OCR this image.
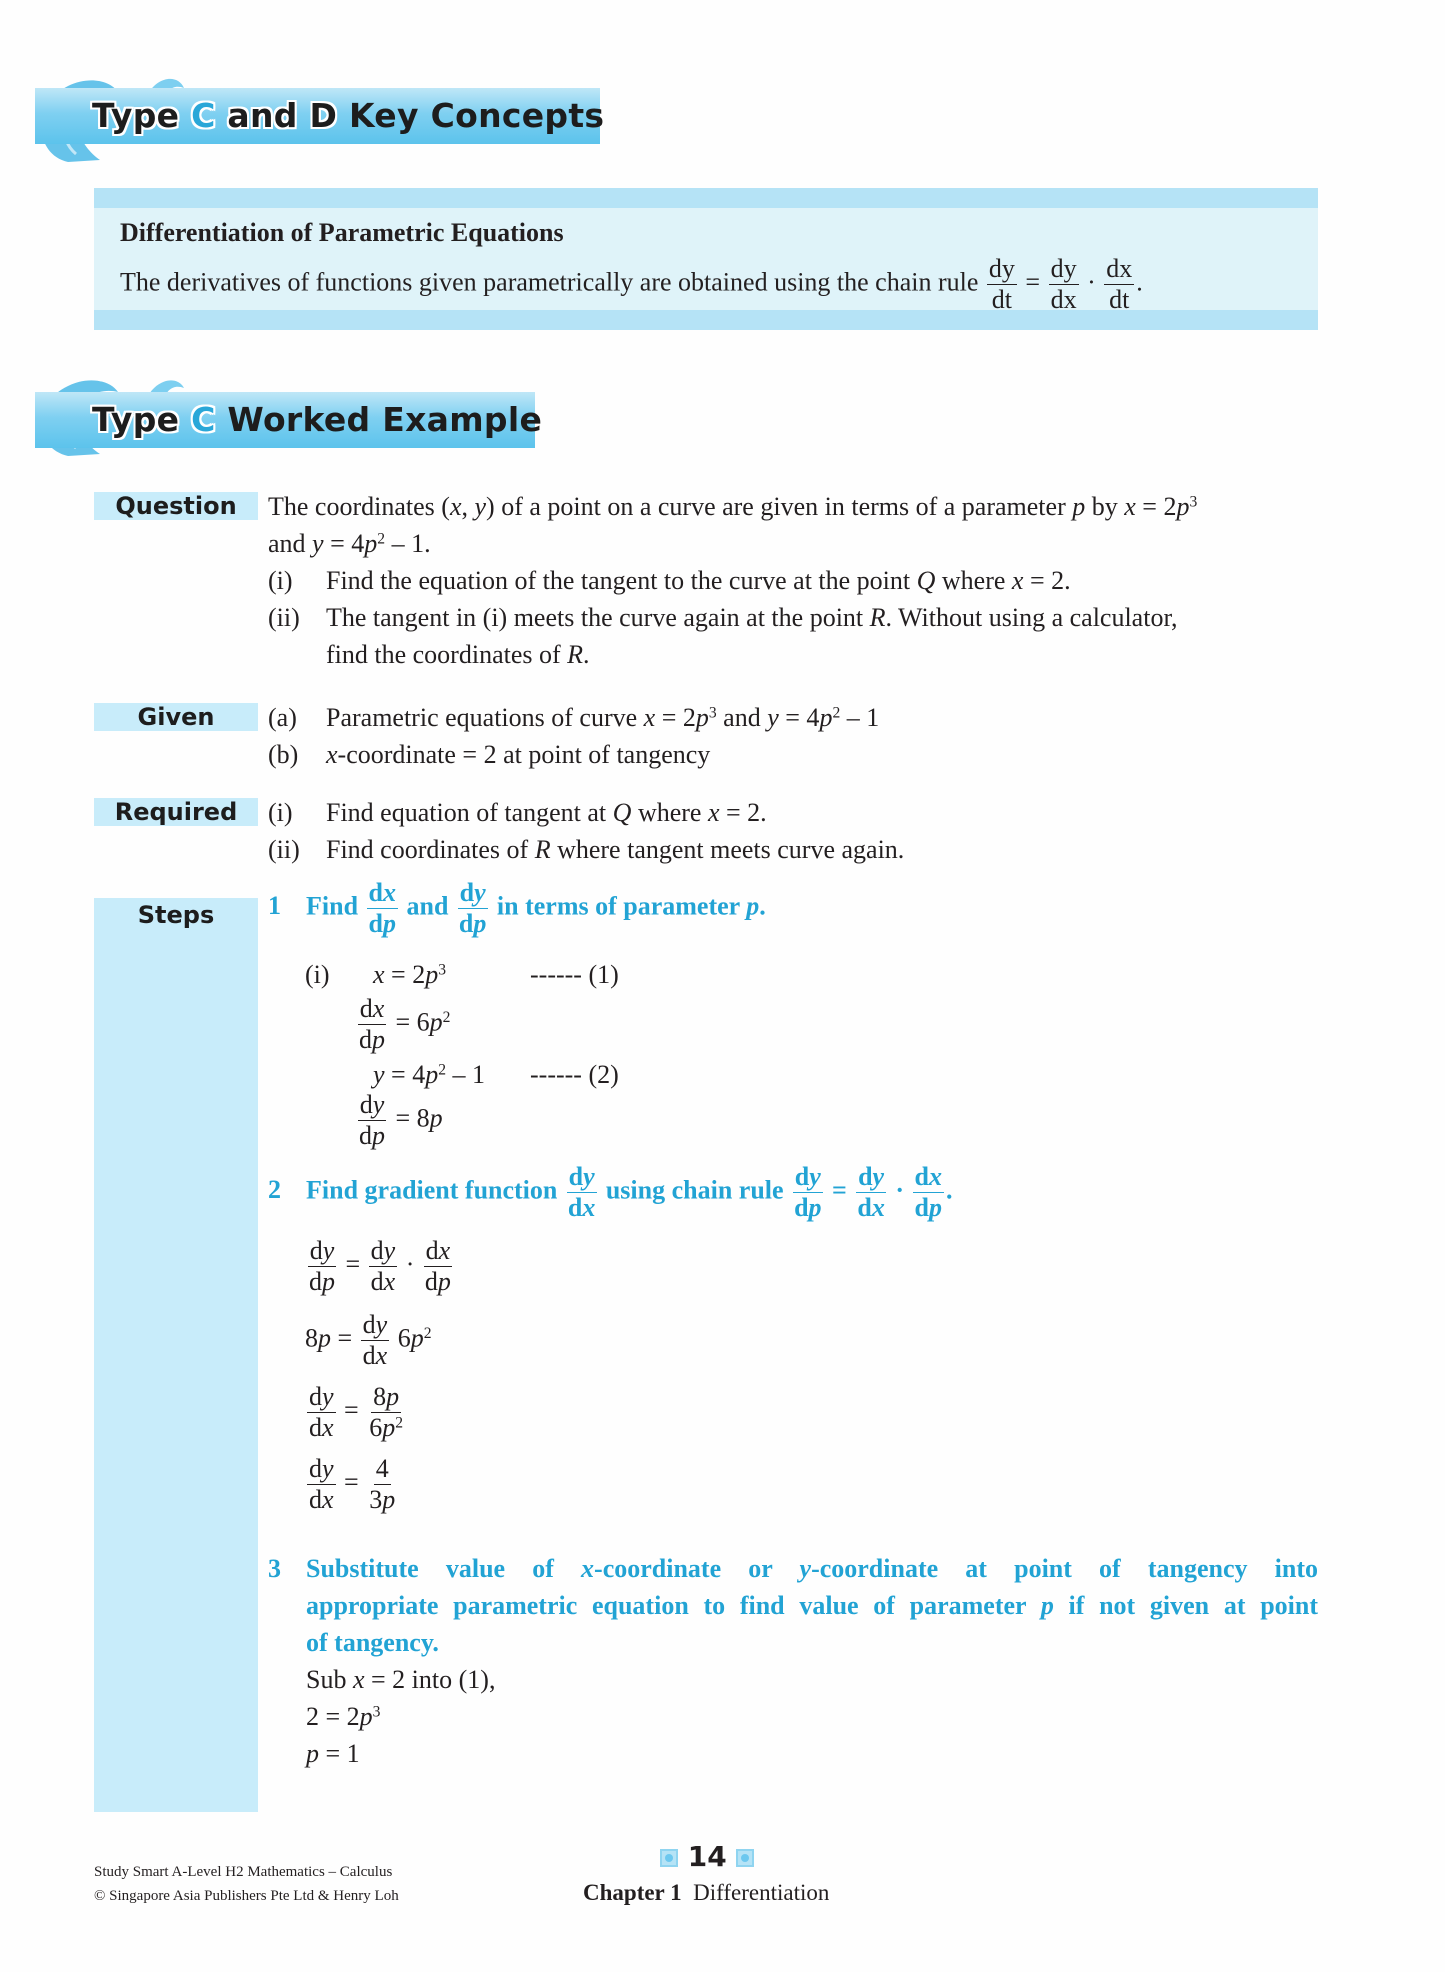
Type C and D Key Concepts
Differentiation of Parametric Equations
The derivatives of functions given parametrically are obtained using the chain rule $\frac{dy}{dt} = \frac{dy}{dx} \cdot \frac{dx}{dt}$ .
Type C Worked Example
Question	The coordinates (x, y) of a point on a curve are given in terms of a parameter p by $x = 2p^3$
and $y = 4p^2 - 1$.
(i) Find the equation of the tangent to the curve at the point Q where x = 2.
(ii) The tangent in (i) meets the curve again at the point R. Without using a calculator,
find the coordinates of R.
Given	(a) Parametric equations of curve $x = 2p^3$ and $y = 4p^2 - 1$
(b) x-coordinate = 2 at point of tangency
Required	(i) Find equation of tangent at Q where x = 2.
(ii) Find coordinates of R where tangent meets curve again.
Steps	1 Find $\frac{dx}{dp}$ and $\frac{dy}{dp}$ in terms of parameter p.
(i) $x = 2p^3$	------ (1)
$\frac{dx}{dp} = 6p^2$
$y = 4p^2 - 1$ ------ (2)
$\frac{dy}{dp} = 8p$
2 Find gradient function $\frac{dy}{dx}$ using chain rule $\frac{dy}{dp} = \frac{dy}{dx} \cdot \frac{dx}{dp}$ .
$\frac{dy}{dp} = \frac{dy}{dx} \cdot \frac{dx}{dp}$
$8p = \frac{dy}{dx} 6p^2$
$\frac{dy}{dx} = \frac{8p}{6p^2}$
$\frac{dy}{dx} = \frac{4}{3p}$
3 Substitute value of x-coordinate or y-coordinate at point of tangency into
appropriate parametric equation to find value of parameter p if not given at point
of tangency.
Sub x = 2 into (1),
$2 = 2p^3$
p = 1
Study Smart A-Level H2 Mathematics – Calculus
© Singapore Asia Publishers Pte Ltd & Henry Loh
14
Chapter 1 Differentiation
